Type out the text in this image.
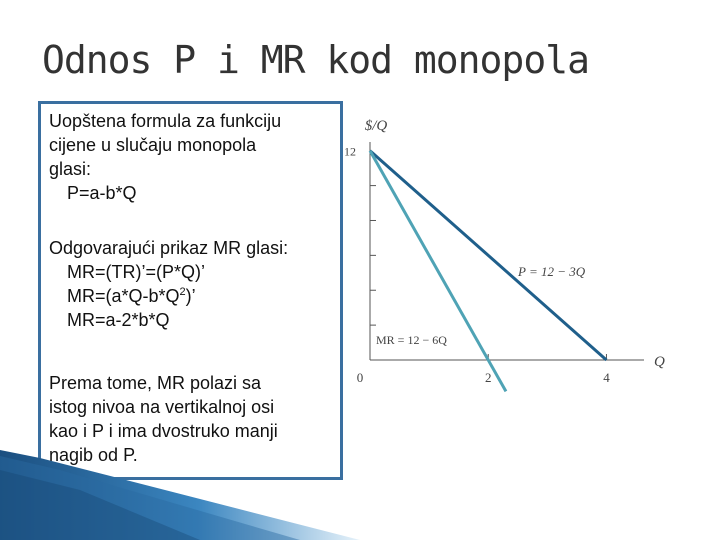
Odnos P i MR kod monopola
Uopštena formula za funkciju
cijene u slučaju monopola
glasi:
P=a-b*Q
Odgovarajući prikaz MR glasi:
MR=(TR)’=(P*Q)’
$MR=(a*Q-b*Q^2)$’
MR=a-2*b*Q
Prema tome, MR polazi sa
istog nivoa na vertikalnoj osi
kao i P i ima dvostruko manji
nagib od P.
2	4
12
0
$/Q
Q
P = 12 − 3Q
MR = 12 − 6Q
